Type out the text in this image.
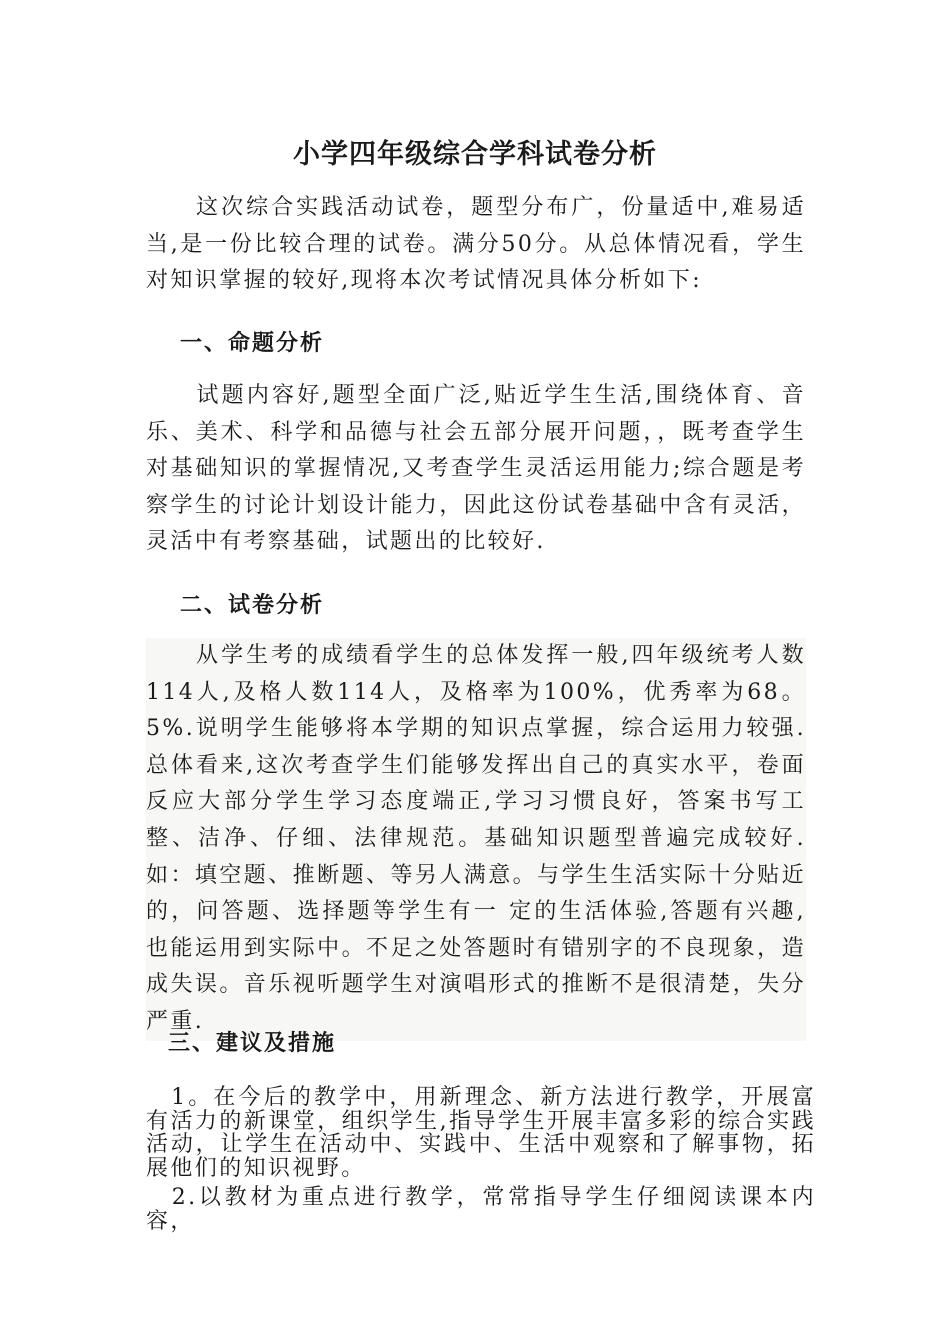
小学四年级综合学科试卷分析
　　这次综合实践活动试卷，题型分布广，份量适中,难易适当,是一份比较合理的试卷。满分50分。从总体情况看，学生对知识掌握的较好,现将本次考试情况具体分析如下:
一、命题分析
　　试题内容好,题型全面广泛,贴近学生生活,围绕体育、音乐、美术、科学和品德与社会五部分展开问题，，既考查学生对基础知识的掌握情况,又考查学生灵活运用能力;综合题是考察学生的讨论计划设计能力，因此这份试卷基础中含有灵活，灵活中有考察基础，试题出的比较好.
二、试卷分析
　　从学生考的成绩看学生的总体发挥一般,四年级统考人数114人,及格人数114人，及格率为100%，优秀率为68。5%.说明学生能够将本学期的知识点掌握，综合运用力较强.总体看来,这次考查学生们能够发挥出自己的真实水平，卷面反应大部分学生学习态度端正,学习习惯良好，答案书写工整、洁净、仔细、法律规范。基础知识题型普遍完成较好.如：填空题、推断题、等另人满意。与学生生活实际十分贴近的，问答题、选择题等学生有一 定的生活体验,答题有兴趣,也能运用到实际中。不足之处答题时有错别字的不良现象，造成失误。音乐视听题学生对演唱形式的推断不是很清楚，失分严重.
三、建议及措施
　1。在今后的教学中，用新理念、新方法进行教学，开展富有活力的新课堂，组织学生,指导学生开展丰富多彩的综合实践活动，让学生在活动中、实践中、生活中观察和了解事物，拓展他们的知识视野。
　2.以教材为重点进行教学，常常指导学生仔细阅读课本内容，
